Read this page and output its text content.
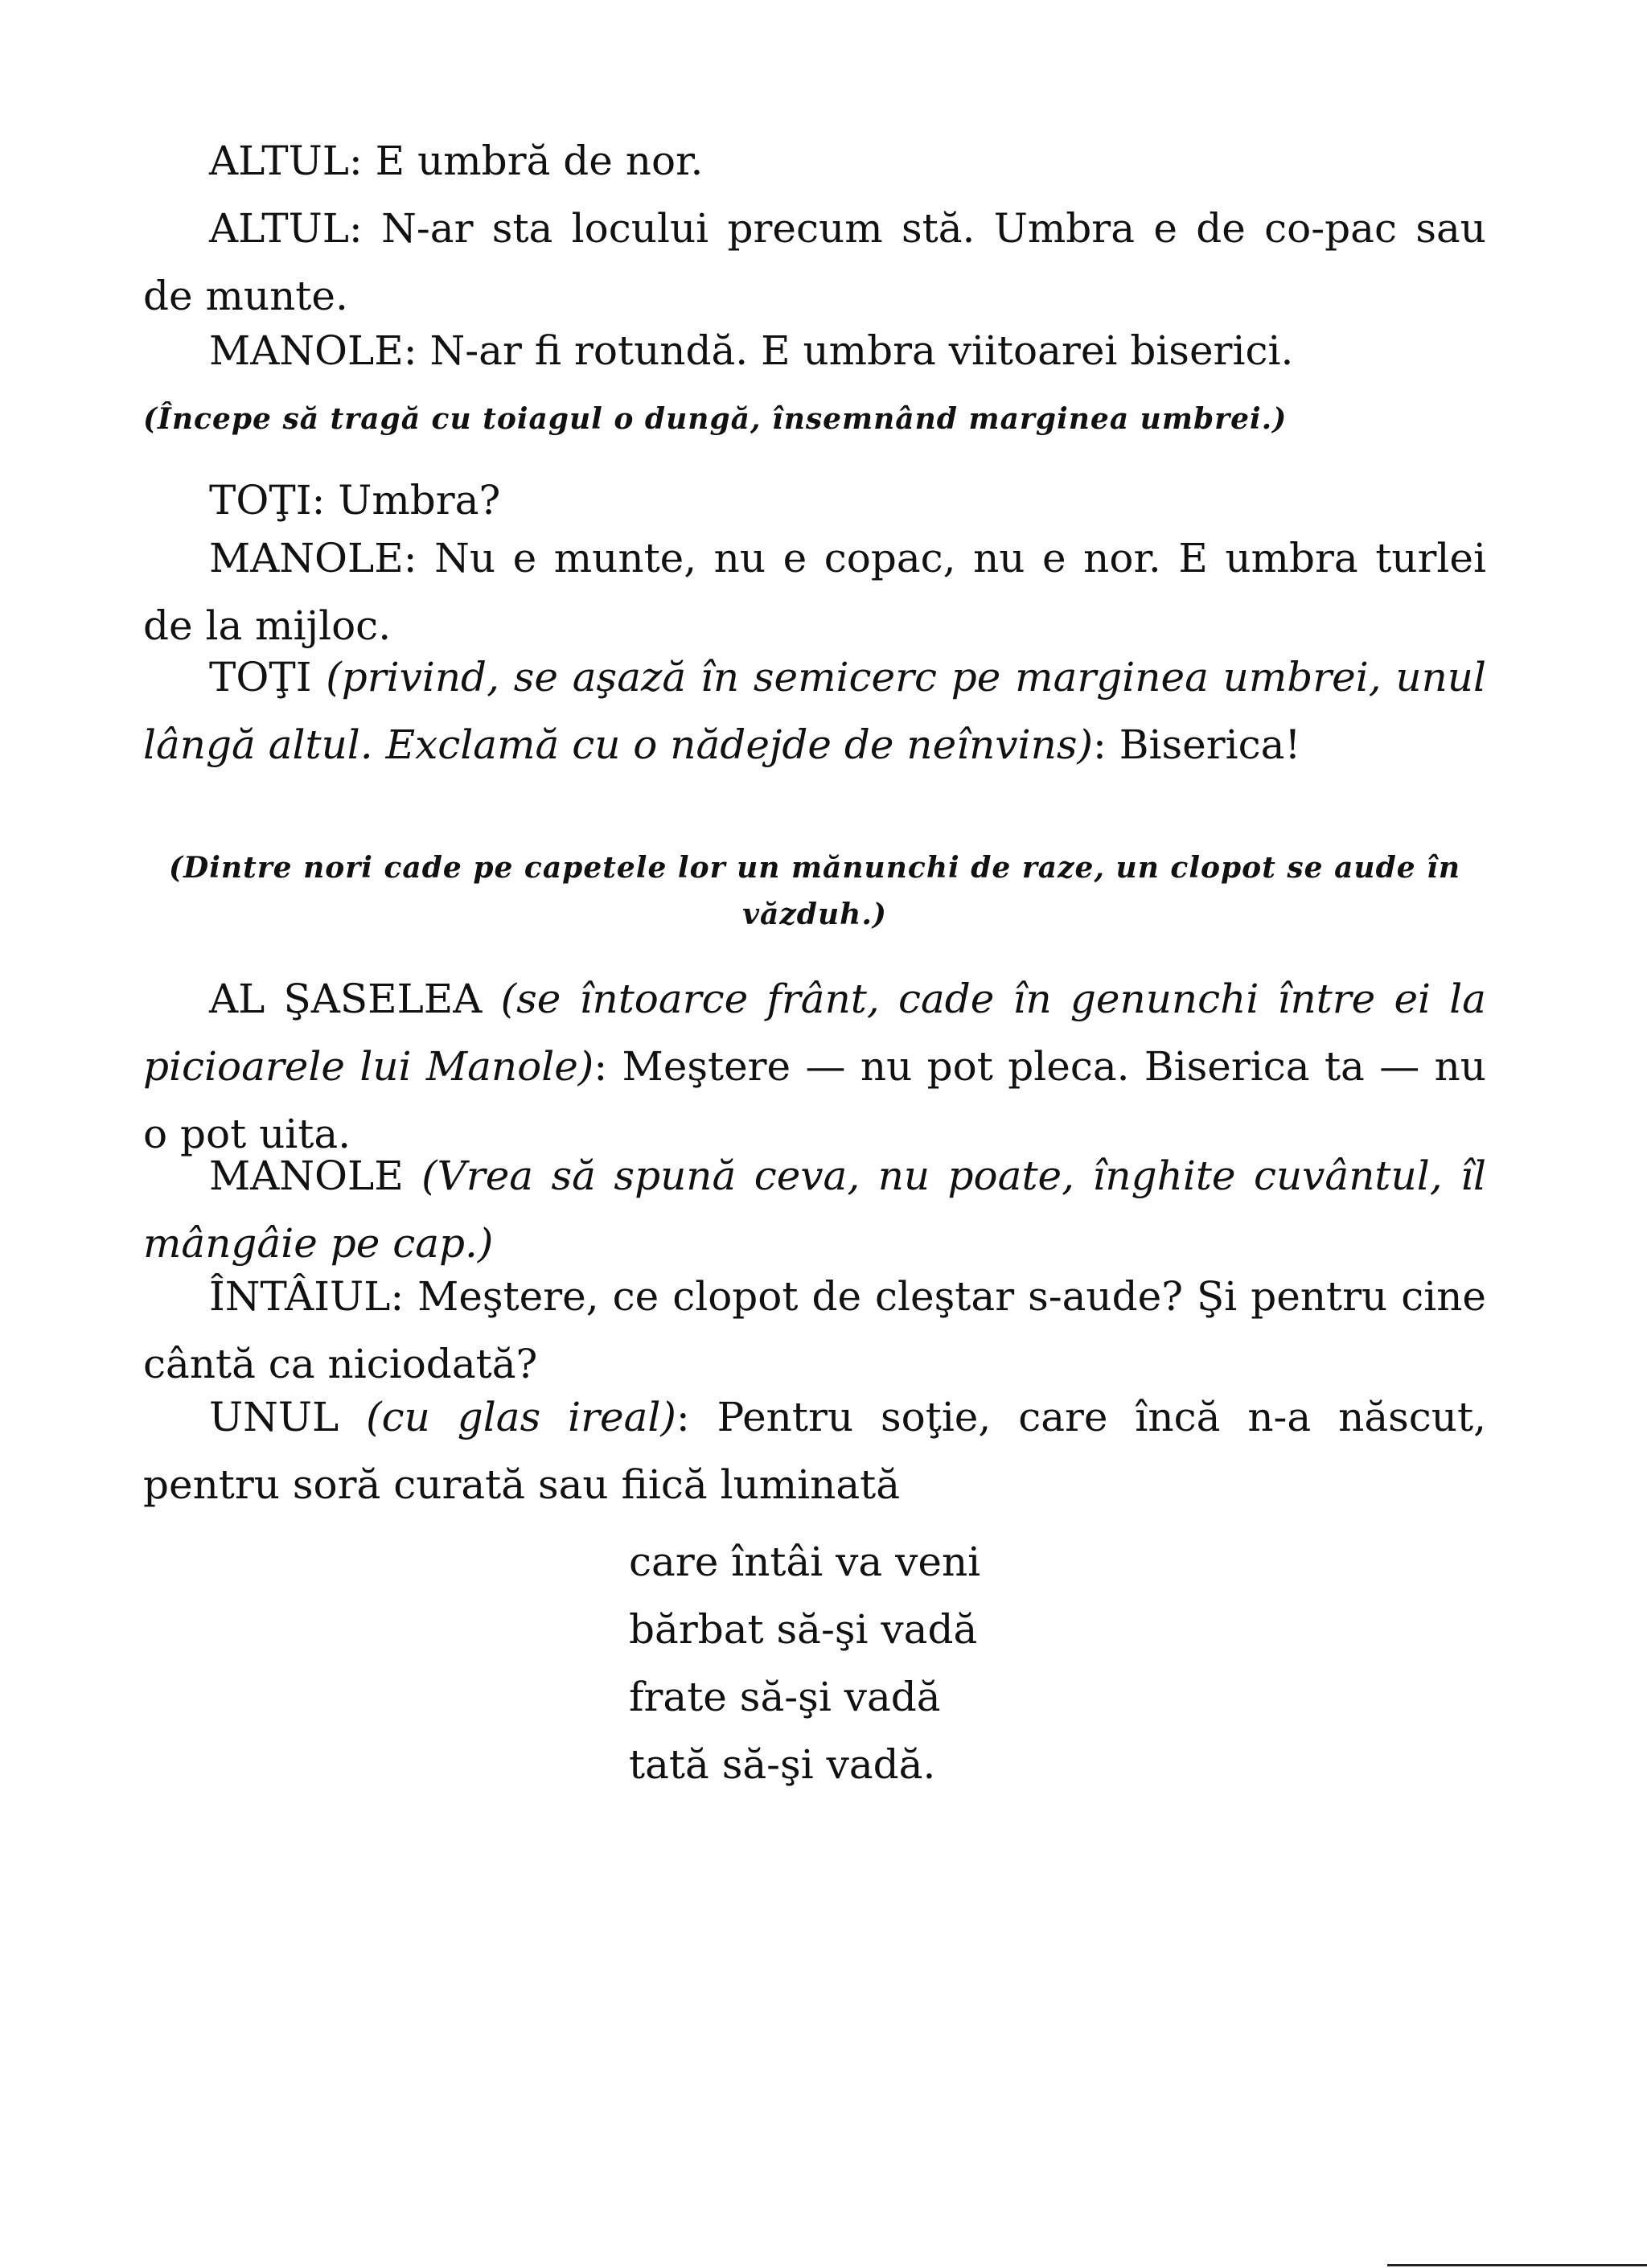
ALTUL: E umbră de nor.

ALTUL: N-ar sta locului precum stă. Umbra e de co-pac sau de munte.

MANOLE: N-ar fi rotundă. E umbra viitoarei biserici.

(Începe să tragă cu toiagul o dungă, însemnând marginea umbrei.)

TOŢI: Umbra?

MANOLE: Nu e munte, nu e copac, nu e nor. E umbra turlei de la mijloc.

TOŢI (privind, se aşază în semicerc pe marginea umbrei, unul lângă altul. Exclamă cu o nădejde de neînvins): Biserica!

(Dintre nori cade pe capetele lor un mănunchi de raze, un clopot se aude în văzduh.)

AL ŞASELEA (se întoarce frânt, cade în genunchi între ei la picioarele lui Manole): Meştere — nu pot pleca. Biserica ta — nu o pot uita.

MANOLE (Vrea să spună ceva, nu poate, înghite cuvântul, îl mângâie pe cap.)

ÎNTÂIUL: Meştere, ce clopot de cleştar s-aude? Şi pentru cine cântă ca niciodată?

UNUL (cu glas ireal): Pentru soţie, care încă n-a născut, pentru soră curată sau fiică luminată

care întâi va veni
bărbat să-şi vadă
frate să-şi vadă
tată să-şi vadă.
